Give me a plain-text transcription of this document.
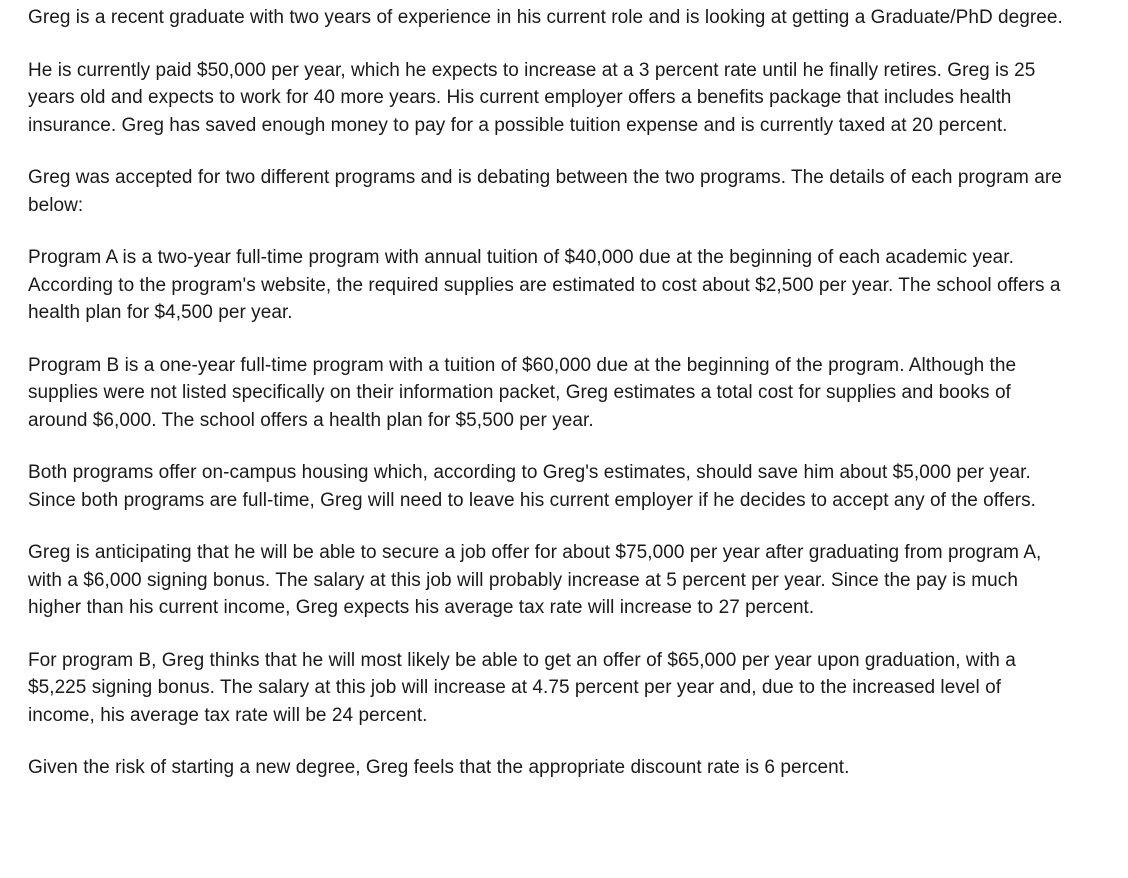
Greg is a recent graduate with two years of experience in his current role and is looking at getting a Graduate/PhD degree.

He is currently paid $50,000 per year, which he expects to increase at a 3 percent rate until he finally retires. Greg is 25 years old and expects to work for 40 more years. His current employer offers a benefits package that includes health insurance. Greg has saved enough money to pay for a possible tuition expense and is currently taxed at 20 percent.

Greg was accepted for two different programs and is debating between the two programs. The details of each program are below:

Program A is a two-year full-time program with annual tuition of $40,000 due at the beginning of each academic year. According to the program's website, the required supplies are estimated to cost about $2,500 per year. The school offers a health plan for $4,500 per year.

Program B is a one-year full-time program with a tuition of $60,000 due at the beginning of the program. Although the supplies were not listed specifically on their information packet, Greg estimates a total cost for supplies and books of around $6,000. The school offers a health plan for $5,500 per year.

Both programs offer on-campus housing which, according to Greg's estimates, should save him about $5,000 per year. Since both programs are full-time, Greg will need to leave his current employer if he decides to accept any of the offers.

Greg is anticipating that he will be able to secure a job offer for about $75,000 per year after graduating from program A, with a $6,000 signing bonus. The salary at this job will probably increase at 5 percent per year. Since the pay is much higher than his current income, Greg expects his average tax rate will increase to 27 percent.

For program B, Greg thinks that he will most likely be able to get an offer of $65,000 per year upon graduation, with a $5,225 signing bonus. The salary at this job will increase at 4.75 percent per year and, due to the increased level of income, his average tax rate will be 24 percent.

Given the risk of starting a new degree, Greg feels that the appropriate discount rate is 6 percent.
